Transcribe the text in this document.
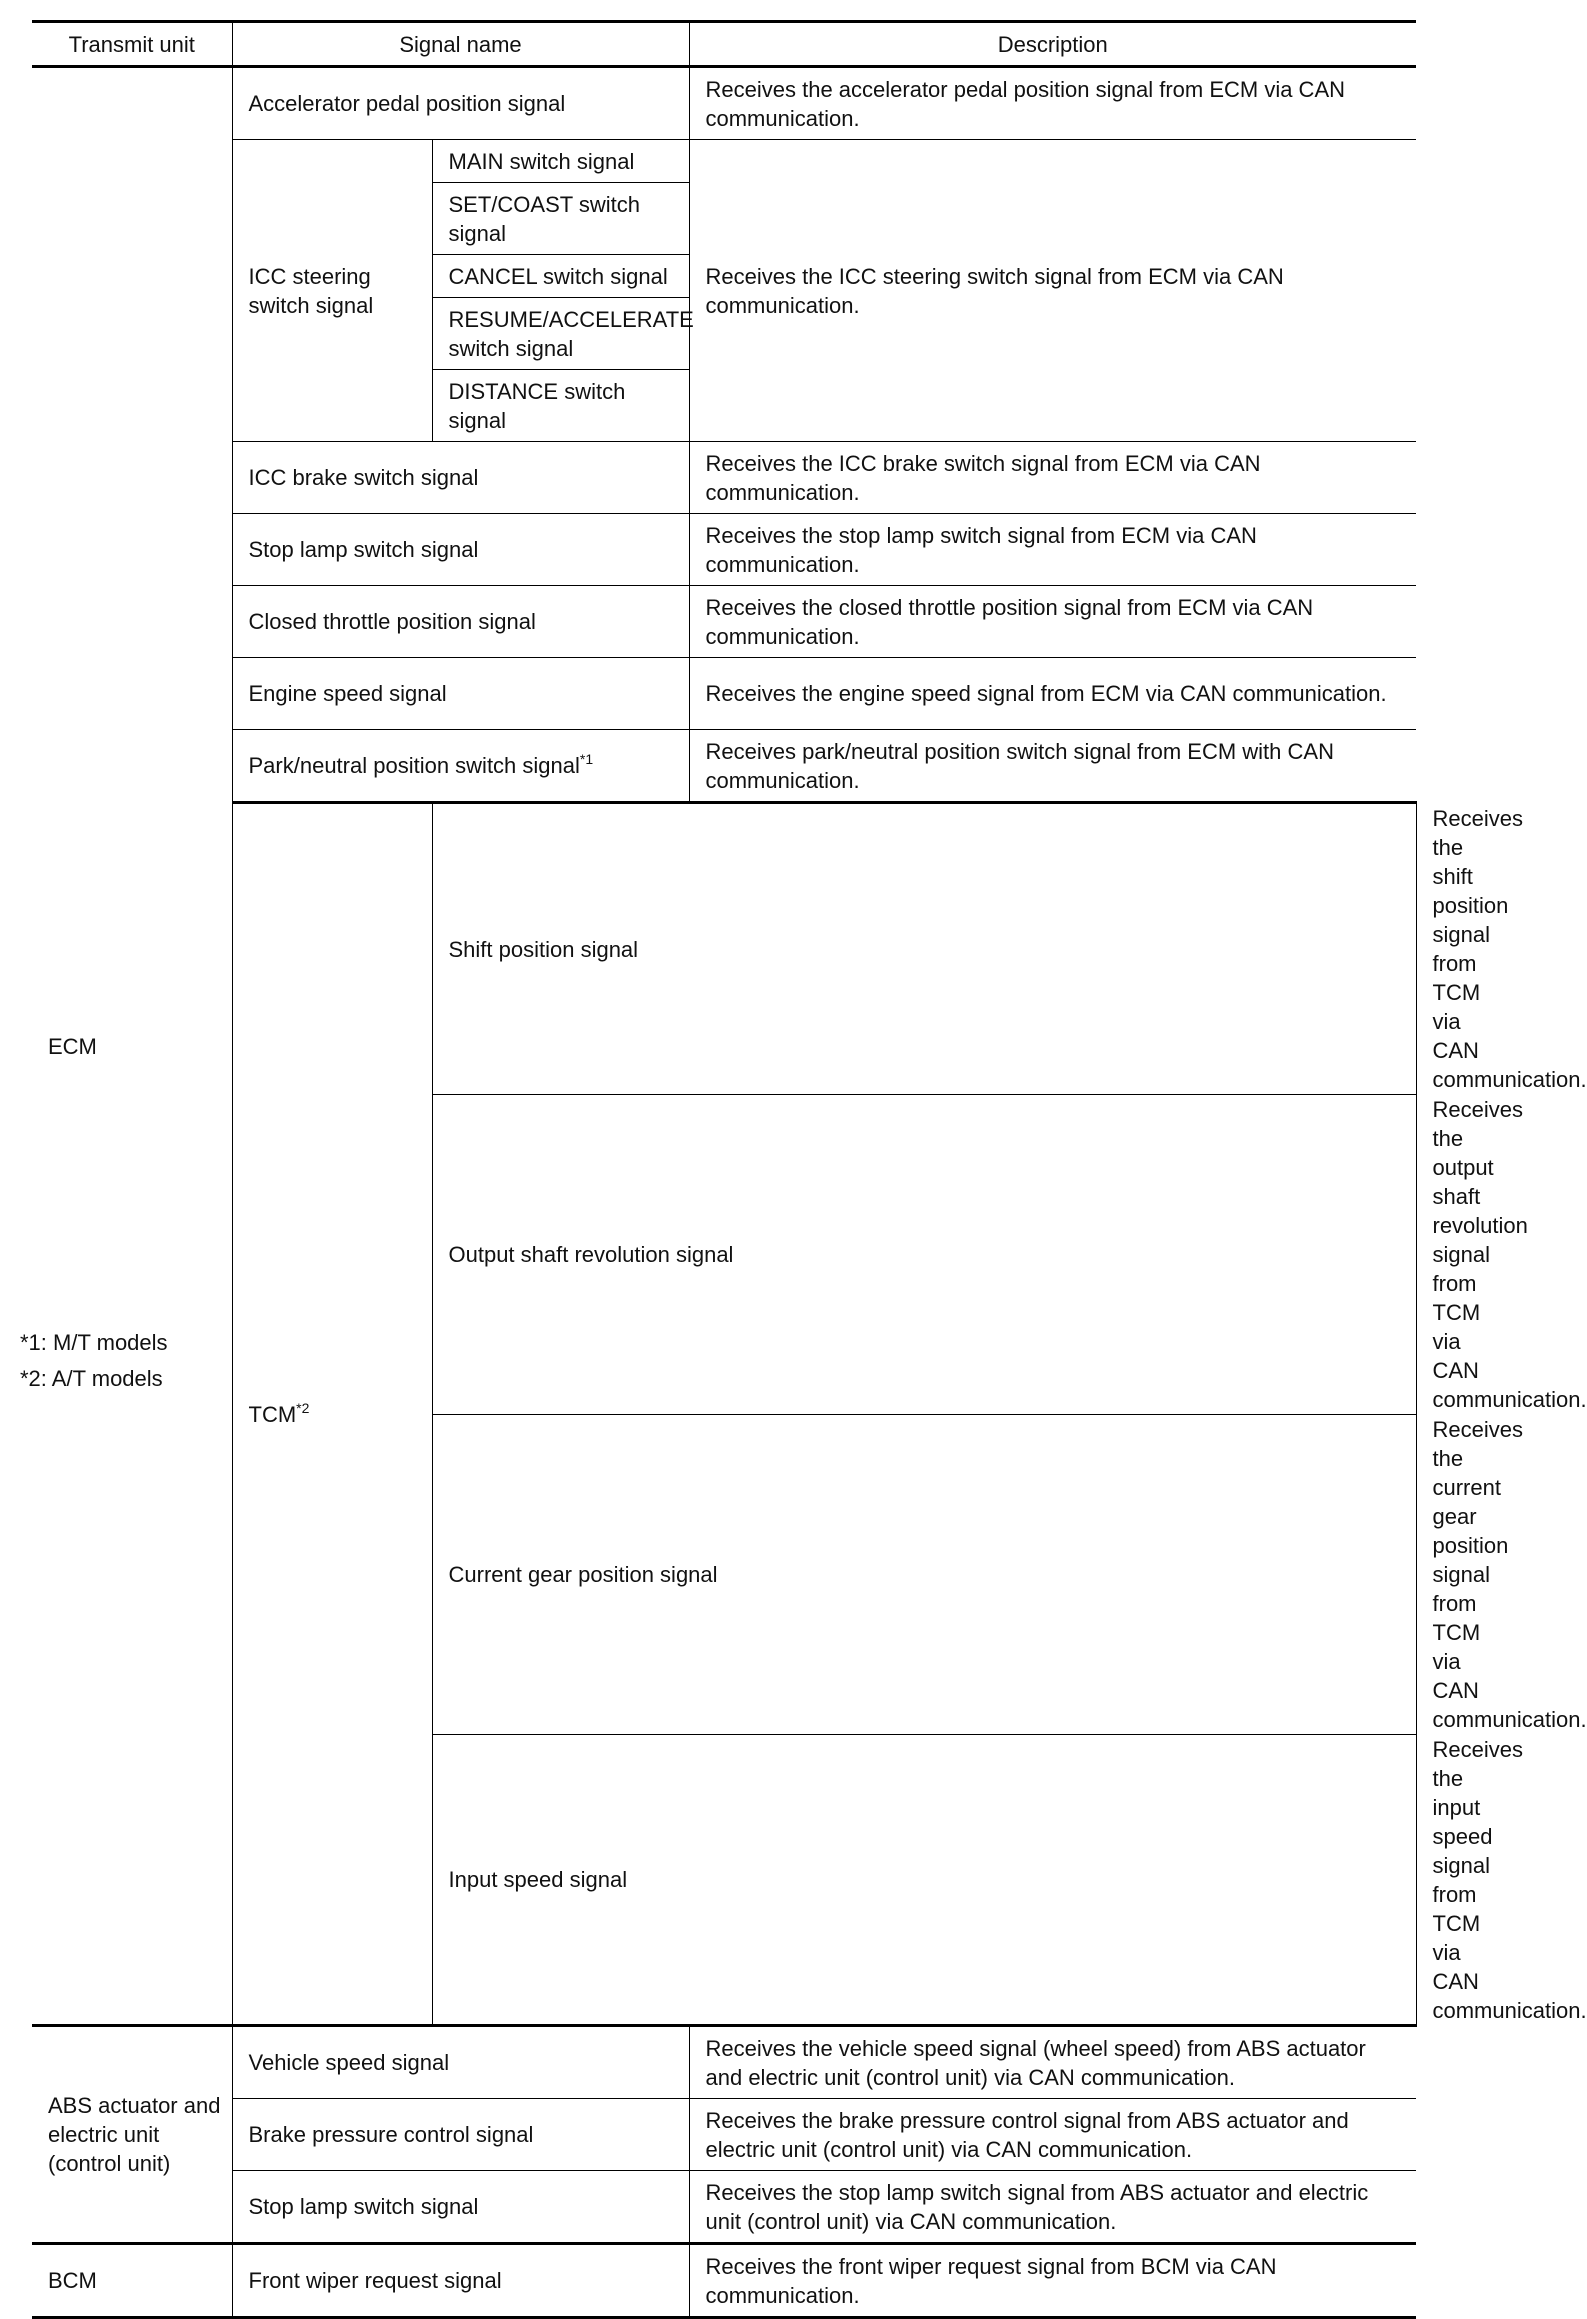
Transmit unit	Signal name		Description	
ECM	Accelerator pedal position signal		Receives the accelerator pedal position signal from ECM via CAN communication.	
	ICC steering switch signal	MAIN switch signal	Receives the ICC steering switch signal from ECM via CAN communication.	
		SET/COAST switch signal		
		CANCEL switch signal		
		RESUME/ACCELERATE switch signal		
		DISTANCE switch signal		
	ICC brake switch signal		Receives the ICC brake switch signal from ECM via CAN communication.	
	Stop lamp switch signal		Receives the stop lamp switch signal from ECM via CAN communication.	
	Closed throttle position signal		Receives the closed throttle position signal from ECM via CAN communication.	
	Engine speed signal		Receives the engine speed signal from ECM via CAN communication.	
	Park/neutral position switch signal$^{*1}$		Receives park/neutral position switch signal from ECM with CAN communication.	
	TCM$^{*2}$	Shift position signal		Receives the shift position signal from TCM via CAN communication.
		Output shaft revolution signal		Receives the output shaft revolution signal from TCM via CAN communication.
		Current gear position signal		Receives the current gear position signal from TCM via CAN communication.
		Input speed signal		Receives the input speed signal from TCM via CAN communication.
ABS actuator and electric unit (control unit)	Vehicle speed signal		Receives the vehicle speed signal (wheel speed) from ABS actuator and electric unit (control unit) via CAN communication.	
	Brake pressure control signal		Receives the brake pressure control signal from ABS actuator and electric unit (control unit) via CAN communication.	
	Stop lamp switch signal		Receives the stop lamp switch signal from ABS actuator and electric unit (control unit) via CAN communication.	
BCM	Front wiper request signal		Receives the front wiper request signal from BCM via CAN communication.	
*1: M/T models
*2: A/T models
